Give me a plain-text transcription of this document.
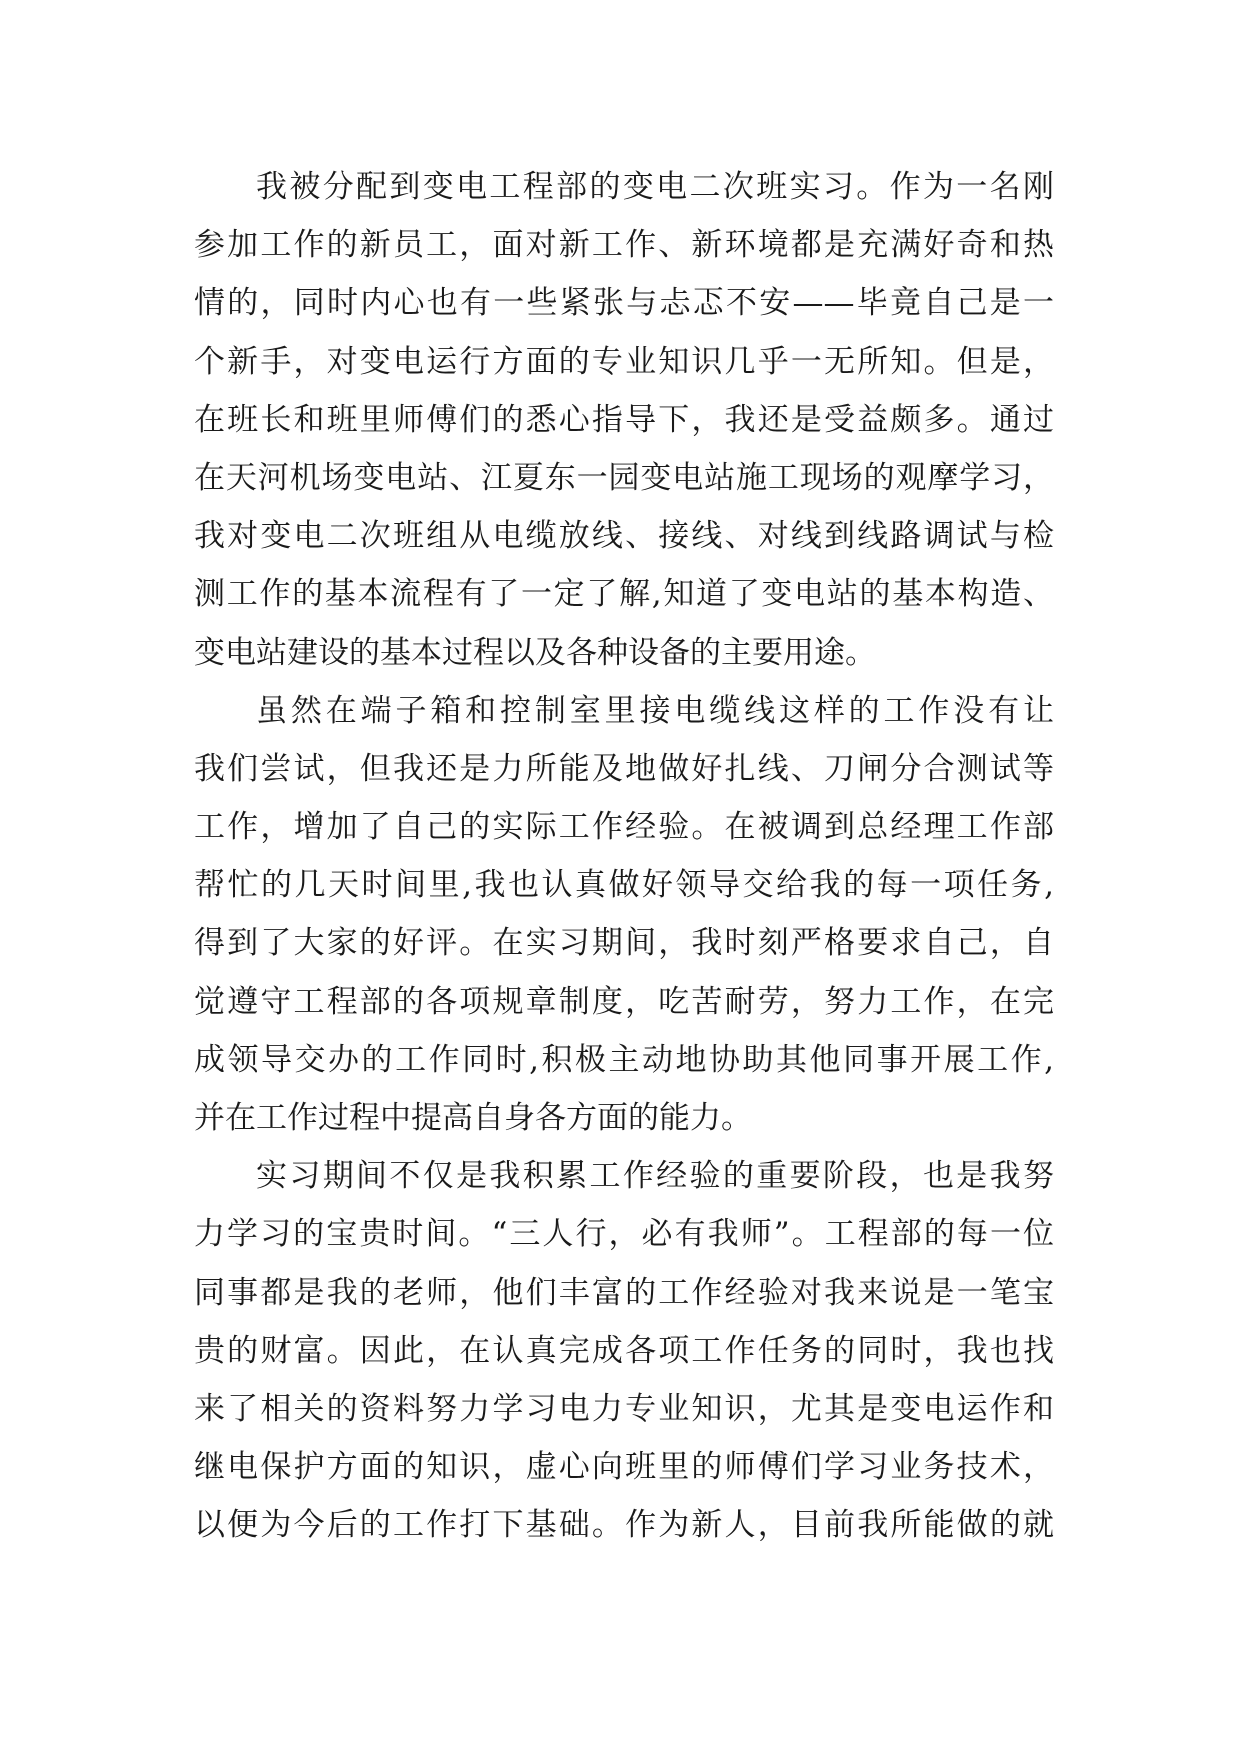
我被分配到变电工程部的变电二次班实习。作为一名刚
参加工作的新员工，面对新工作、新环境都是充满好奇和热
情的，同时内心也有一些紧张与忐忑不安——毕竟自己是一
个新手，对变电运行方面的专业知识几乎一无所知。但是，
在班长和班里师傅们的悉心指导下，我还是受益颇多。通过
在天河机场变电站、江夏东一园变电站施工现场的观摩学习，
我对变电二次班组从电缆放线、接线、对线到线路调试与检
测工作的基本流程有了一定了解,知道了变电站的基本构造、
变电站建设的基本过程以及各种设备的主要用途。
虽然在端子箱和控制室里接电缆线这样的工作没有让
我们尝试，但我还是力所能及地做好扎线、刀闸分合测试等
工作，增加了自己的实际工作经验。在被调到总经理工作部
帮忙的几天时间里,我也认真做好领导交给我的每一项任务,
得到了大家的好评。在实习期间，我时刻严格要求自己，自
觉遵守工程部的各项规章制度，吃苦耐劳，努力工作，在完
成领导交办的工作同时,积极主动地协助其他同事开展工作,
并在工作过程中提高自身各方面的能力。
实习期间不仅是我积累工作经验的重要阶段，也是我努
力学习的宝贵时间。“三人行，必有我师”。工程部的每一位
同事都是我的老师，他们丰富的工作经验对我来说是一笔宝
贵的财富。因此，在认真完成各项工作任务的同时，我也找
来了相关的资料努力学习电力专业知识，尤其是变电运作和
继电保护方面的知识，虚心向班里的师傅们学习业务技术，
以便为今后的工作打下基础。作为新人，目前我所能做的就
